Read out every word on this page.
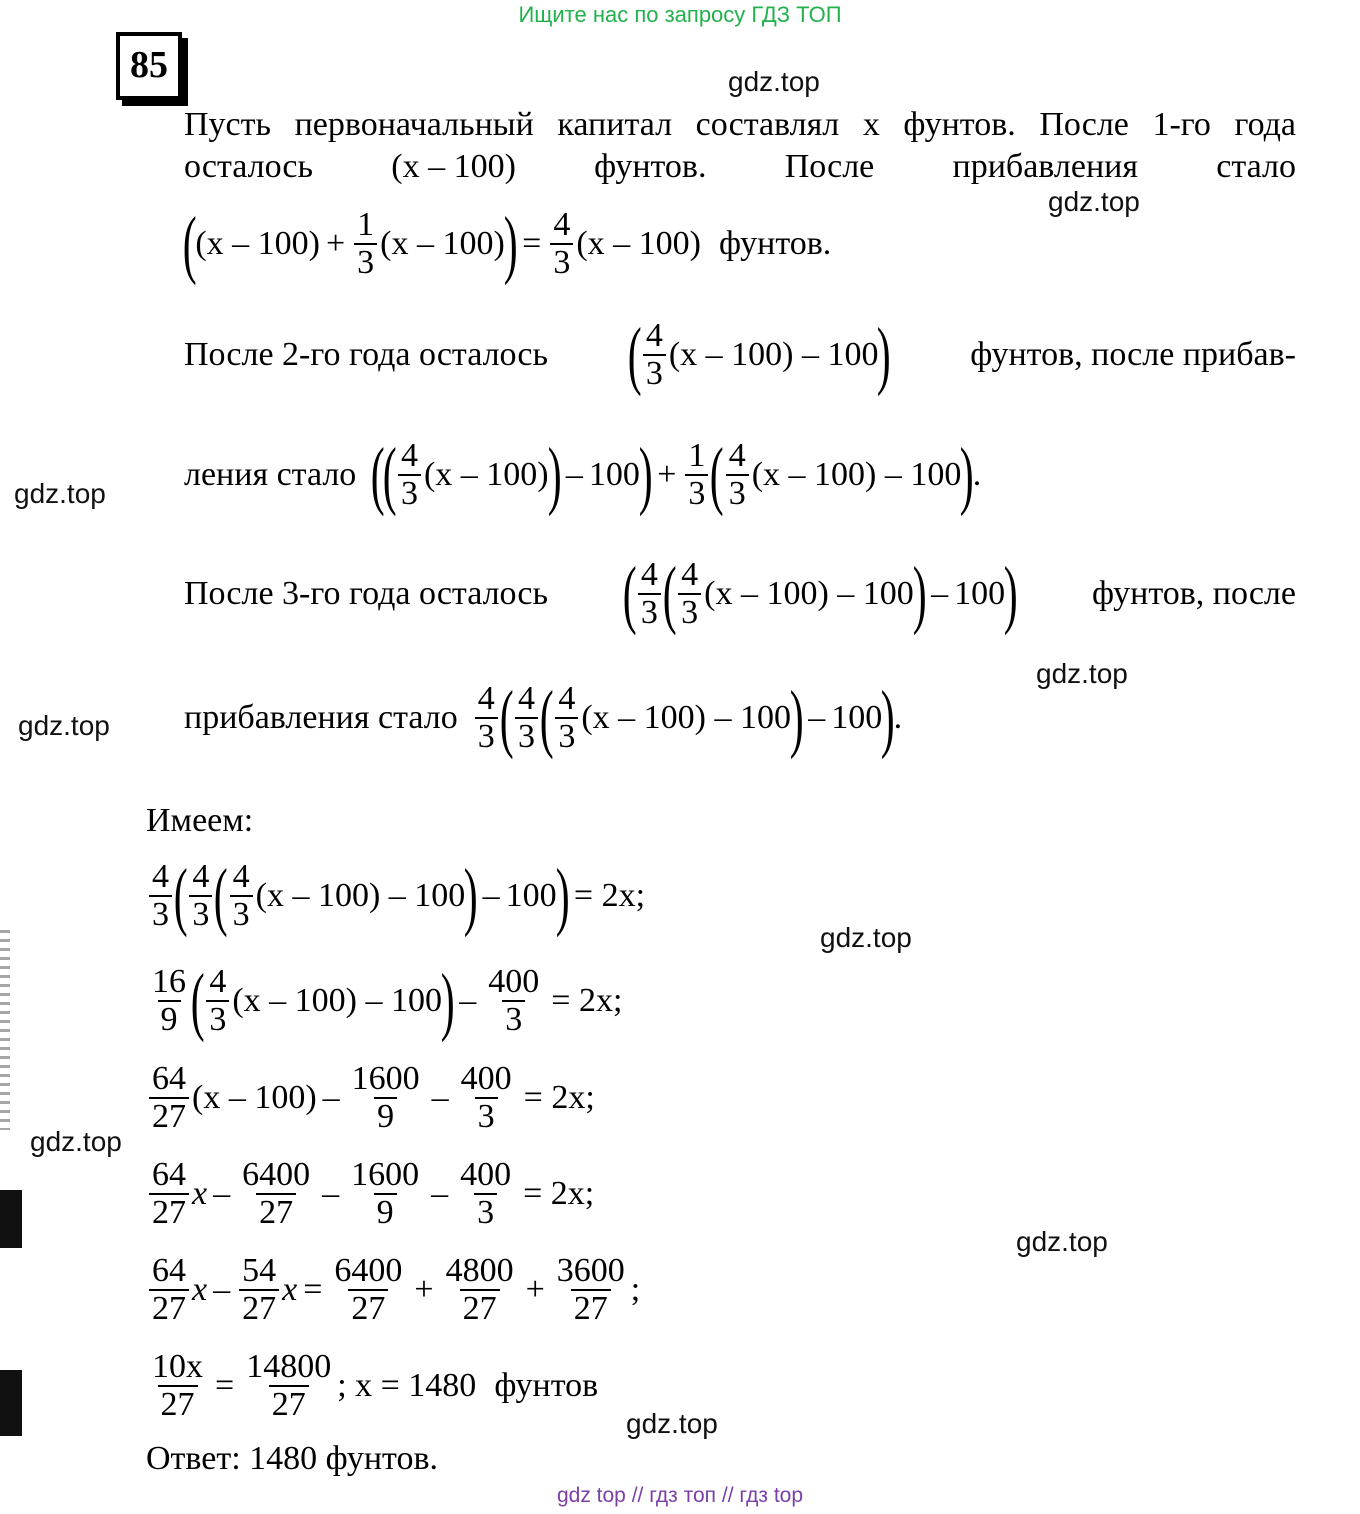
Ищите нас по запросу ГДЗ ТОП
85	gdz.top
gdz.top
gdz.top
gdz.top
gdz.top
gdz.top
gdz.top
gdz.top
gdz.top
Пусть первоначальный капитал составлял x фунтов. После 1-го года
осталось (x – 100) фунтов. После прибавления стало
(
$(x - 100) + \frac{1}{3} (x - 100)$
) = $\frac{4}{3} (x - 100)$ фунтов.
После 2-го года осталось ( $\frac{4}{3} (x - 100) - 100$
) фунтов, после прибав-
ления стало (
( $\frac{4}{3} (x - 100)$
) – 100
) + $\frac{1}{3}$ ( $\frac{4}{3} (x - 100) - 100$
)
.
После 3-го года осталось ( $\frac{4}{3}$ ( $\frac{4}{3} (x - 100) - 100$
) – 100
) фунтов, после
прибавления стало $\frac{4}{3}$ ( $\frac{4}{3}$ ( $\frac{4}{3} (x - 100) - 100$
) – 100
)
.
Имеем:
$\frac{4}{3}$ ( $\frac{4}{3}$ ( $\frac{4}{3} (x - 100) - 100$
) – 100
) = 2x;
$\frac{16}{9}$ ( $\frac{4}{3} (x - 100) - 100$
) – $\frac{400}{3} = 2x$;
$\frac{64}{27} (x - 100) - \frac{1600}{9} - \frac{400}{3} = 2x$;
$\frac{64}{27}$ $x - \frac{6400}{27} - \frac{1600}{9} - \frac{400}{3} = 2x$;
$\frac{64}{27}$ x – $\frac{54}{27}$ $x = \frac{6400}{27} + \frac{4800}{27} + \frac{3600}{27}$ ;
$\frac{10x}{27} = \frac{14800}{27}$ ; x = 1480 фунтов
Ответ: 1480 фунтов.
gdz top // гдз топ // гдз top
